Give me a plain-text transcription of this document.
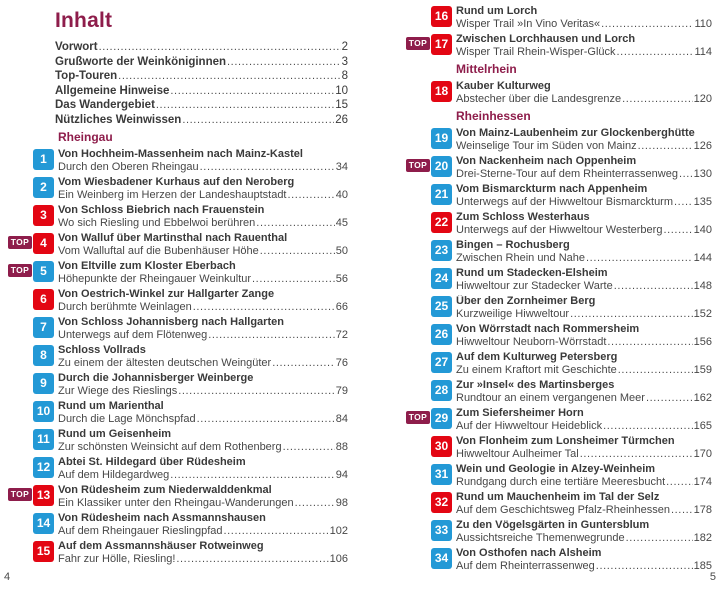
Inhalt
Vorwort .....	2
Grußworte der Weinköniginnen .....	3
Top-Touren .....	8
Allgemeine Hinweise .....	10
Das Wandergebiet .....	15
Nützliches Weinwissen .....	26
Rheingau
1	Von Hochheim-Massenheim nach Mainz-Kastel
Durch den Oberen Rheingau .....	34
2	Vom Wiesbadener Kurhaus auf den Neroberg
Ein Weinberg im Herzen der Landeshauptstadt .....	40
3	Von Schloss Biebrich nach Frauenstein
Wo sich Riesling und Ebbelwoi berühren .....	45
TOP 4	Von Walluf über Martinsthal nach Rauenthal
Vom Walluftal auf die Bubenhäuser Höhe .....	50
TOP 5	Von Eltville zum Kloster Eberbach
Höhepunkte der Rheingauer Weinkultur .....	56
6	Von Oestrich-Winkel zur Hallgarter Zange
Durch berühmte Weinlagen .....	66
7	Von Schloss Johannisberg nach Hallgarten
Unterwegs auf dem Flötenweg .....	72
8	Schloss Vollrads
Zu einem der ältesten deutschen Weingüter .....	76
9	Durch die Johannisberger Weinberge
Zur Wiege des Rieslings .....	79
10 Rund um Marienthal
Durch die Lage Mönchspfad .....	84
11 Rund um Geisenheim
Zur schönsten Weinsicht auf dem Rothenberg .....	88
12 Abtei St. Hildegard über Rüdesheim
Auf dem Hildegardweg .....	94
TOP 13 Von Rüdesheim zum Niederwalddenkmal
Ein Klassiker unter den Rheingau-Wanderungen .....	98
14 Von Rüdesheim nach Assmannshausen
Auf dem Rheingauer Rieslingpfad .....	102
15 Auf dem Assmannshäuser Rotweinweg
Fahr zur Hölle, Riesling! .....	106
16 Rund um Lorch
Wisper Trail »In Vino Veritas« .....	110
TOP 17 Zwischen Lorchhausen und Lorch
Wisper Trail Rhein-Wisper-Glück .....	114
Mittelrhein
18 Kauber Kulturweg
Abstecher über die Landesgrenze .....	120
Rheinhessen
19 Von Mainz-Laubenheim zur Glockenberghütte
Weinselige Tour im Süden von Mainz .....	126
TOP 20 Von Nackenheim nach Oppenheim
Drei-Sterne-Tour auf dem Rheinterrassenweg ..... 130
21 Vom Bismarckturm nach Appenheim
Unterwegs auf der Hiwweltour Bismarckturm ..... 135
22 Zum Schloss Westerhaus
Unterwegs auf der Hiwweltour Westerberg .....	140
23 Bingen – Rochusberg
Zwischen Rhein und Nahe .....	144
24 Rund um Stadecken-Elsheim
Hiwweltour zur Stadecker Warte .....	148
25 Über den Zornheimer Berg
Kurzweilige Hiwweltour .....	152
26 Von Wörrstadt nach Rommersheim
Hiwweltour Neuborn-Wörrstadt .....	156
27 Auf dem Kulturweg Petersberg
Zu einem Kraftort mit Geschichte .....	159
28 Zur »Insel« des Martinsberges
Rundtour an einem vergangenen Meer .....	162
TOP 29 Zum Siefersheimer Horn
Auf der Hiwweltour Heideblick .....	165
30 Von Flonheim zum Lonsheimer Türmchen
Hiwweltour Aulheimer Tal .....	170
31 Wein und Geologie in Alzey-Weinheim
Rundgang durch eine tertiäre Meeresbucht .....	174
32 Rund um Mauchenheim im Tal der Selz
Auf dem Geschichtsweg Pfalz-Rheinhessen ..... 178
33 Zu den Vögelsgärten in Guntersblum
Aussichtsreiche Themenwegrunde .....	182
34 Von Osthofen nach Alsheim
Auf dem Rheinterrassenweg .....	185
4	5
